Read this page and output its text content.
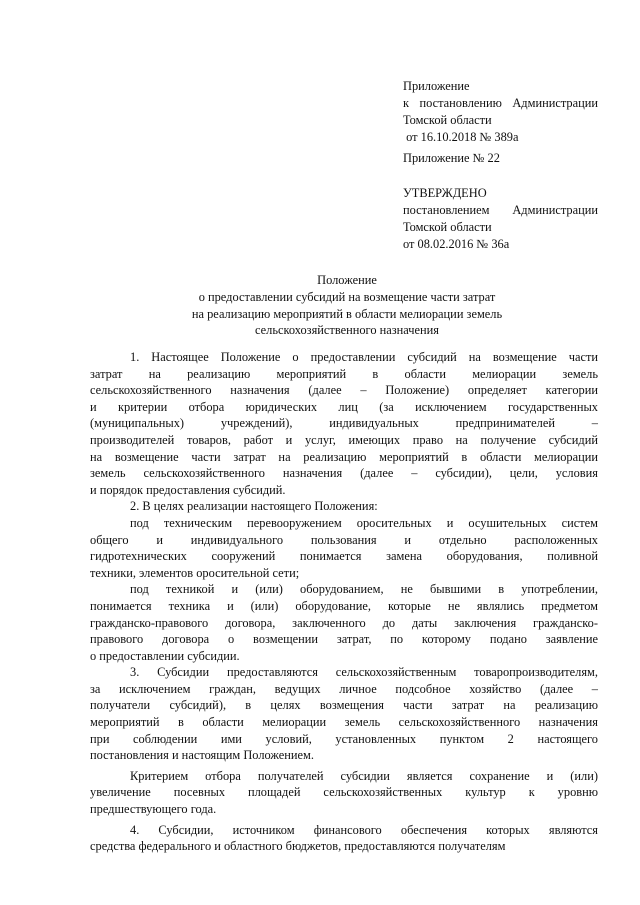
Приложение
к постановлению Администрации
Томской области
от 16.10.2018 № 389а
Приложение № 22
УТВЕРЖДЕНО
постановлением Администрации
Томской области
от 08.02.2016 № 36а
Положение
о предоставлении субсидий на возмещение части затрат
на реализацию мероприятий в области мелиорации земель
сельскохозяйственного назначения
1. Настоящее Положение о предоставлении субсидий на возмещение части
затрат на реализацию мероприятий в области мелиорации земель
сельскохозяйственного назначения (далее – Положение) определяет категории
и критерии отбора юридических лиц (за исключением государственных
(муниципальных) учреждений), индивидуальных предпринимателей –
производителей товаров, работ и услуг, имеющих право на получение субсидий
на возмещение части затрат на реализацию мероприятий в области мелиорации
земель сельскохозяйственного назначения (далее – субсидии), цели, условия
и порядок предоставления субсидий.
2. В целях реализации настоящего Положения:
под техническим перевооружением оросительных и осушительных систем
общего и индивидуального пользования и отдельно расположенных
гидротехнических сооружений понимается замена оборудования, поливной
техники, элементов оросительной сети;
под техникой и (или) оборудованием, не бывшими в употреблении,
понимается техника и (или) оборудование, которые не являлись предметом
гражданско-правового договора, заключенного до даты заключения гражданско-
правового договора о возмещении затрат, по которому подано заявление
о предоставлении субсидии.
3. Субсидии предоставляются сельскохозяйственным товаропроизводителям,
за исключением граждан, ведущих личное подсобное хозяйство (далее –
получатели субсидий), в целях возмещения части затрат на реализацию
мероприятий в области мелиорации земель сельскохозяйственного назначения
при соблюдении ими условий, установленных пунктом 2 настоящего
постановления и настоящим Положением.
Критерием отбора получателей субсидии является сохранение и (или)
увеличение посевных площадей сельскохозяйственных культур к уровню
предшествующего года.
4. Субсидии, источником финансового обеспечения которых являются
средства федерального и областного бюджетов, предоставляются получателям
